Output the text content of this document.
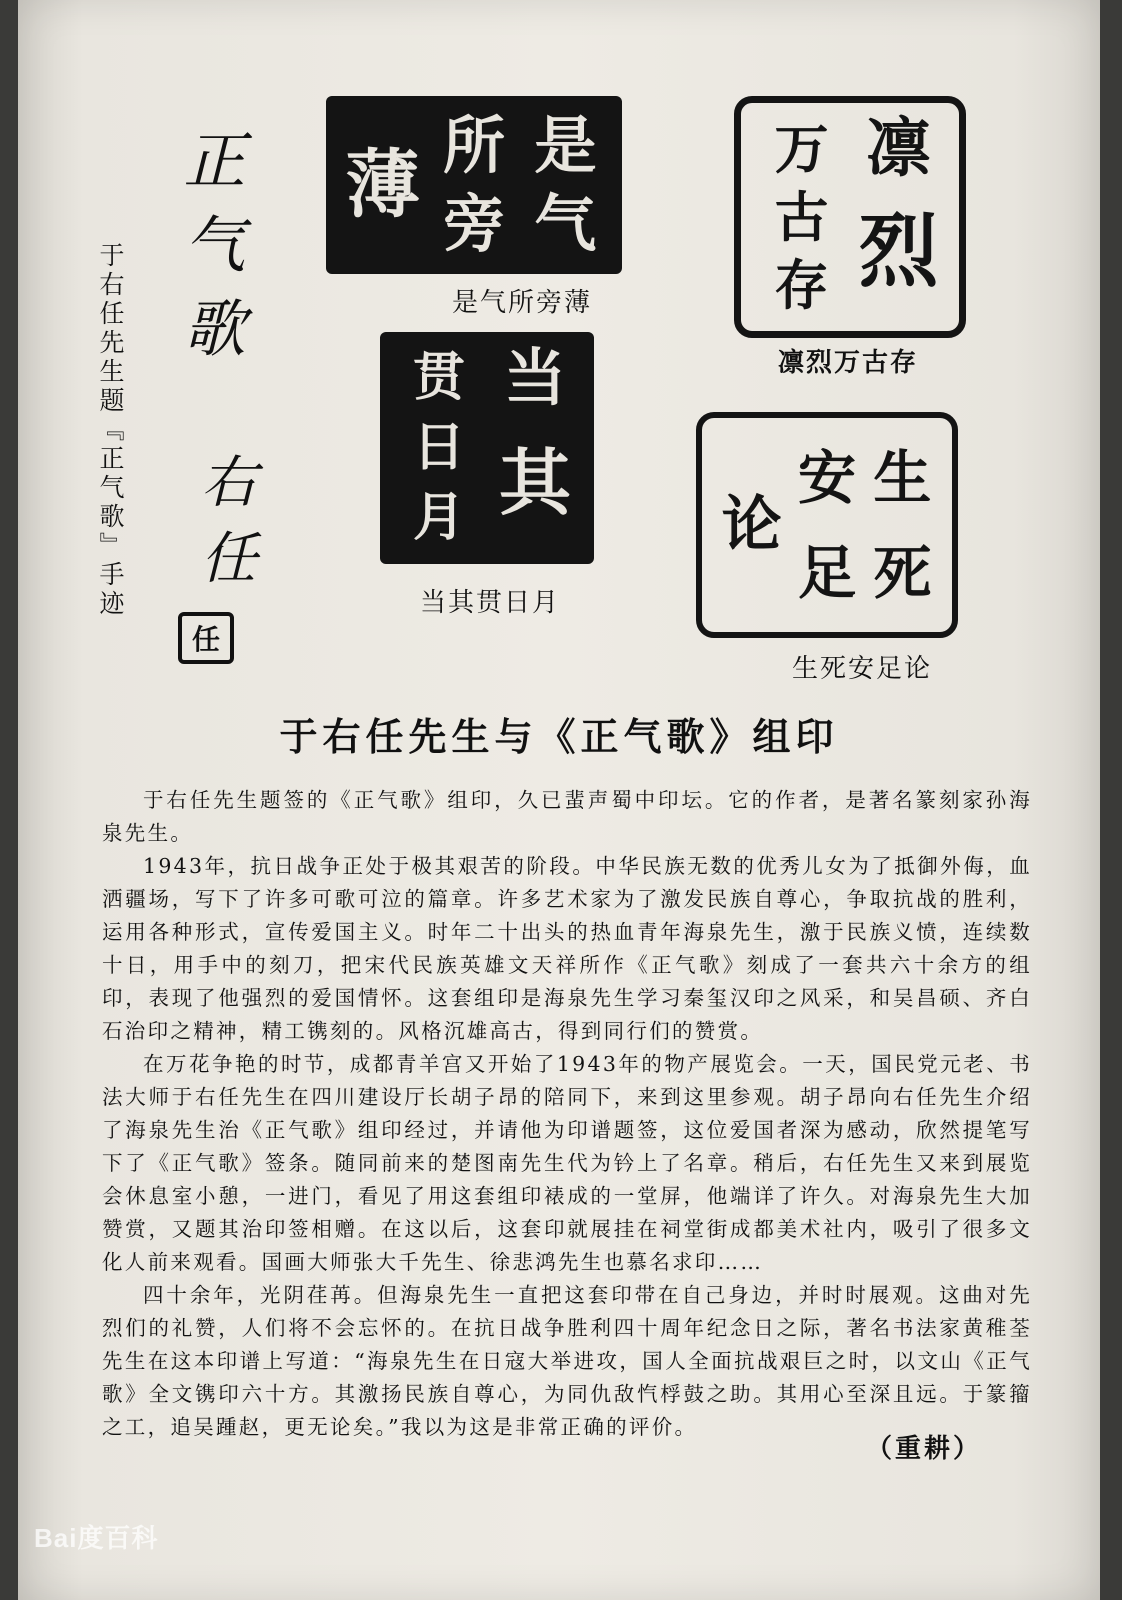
于右任先生题『正气歌』手迹 正气歌
右任
任
薄 所
旁
是
气
是气所旁薄
万
古
存
凛
烈
凛烈万古存
贯
日
月
当
其
当其贯日月
论
安
足
生
死
生死安足论
于右任先生与《正气歌》组印

于右任先生题签的《正气歌》组印，久已蜚声蜀中印坛。它的作者，是著名篆刻家孙海泉先生。

1943年，抗日战争正处于极其艰苦的阶段。中华民族无数的优秀儿女为了抵御外侮，血洒疆场，写下了许多可歌可泣的篇章。许多艺术家为了激发民族自尊心，争取抗战的胜利，运用各种形式，宣传爱国主义。时年二十出头的热血青年海泉先生，激于民族义愤，连续数十日，用手中的刻刀，把宋代民族英雄文天祥所作《正气歌》刻成了一套共六十余方的组印，表现了他强烈的爱国情怀。这套组印是海泉先生学习秦玺汉印之风采，和吴昌硕、齐白石治印之精神，精工镌刻的。风格沉雄高古，得到同行们的赞赏。

在万花争艳的时节，成都青羊宫又开始了1943年的物产展览会。一天，国民党元老、书法大师于右任先生在四川建设厅长胡子昂的陪同下，来到这里参观。胡子昂向右任先生介绍了海泉先生治《正气歌》组印经过，并请他为印谱题签，这位爱国者深为感动，欣然提笔写下了《正气歌》签条。随同前来的楚图南先生代为钤上了名章。稍后，右任先生又来到展览会休息室小憩，一进门，看见了用这套组印裱成的一堂屏，他端详了许久。对海泉先生大加赞赏，又题其治印签相赠。在这以后，这套印就展挂在祠堂街成都美术社内，吸引了很多文化人前来观看。国画大师张大千先生、徐悲鸿先生也慕名求印……

四十余年，光阴荏苒。但海泉先生一直把这套印带在自己身边，并时时展观。这曲对先烈们的礼赞，人们将不会忘怀的。在抗日战争胜利四十周年纪念日之际，著名书法家黄稚荃先生在这本印谱上写道：“海泉先生在日寇大举进攻，国人全面抗战艰巨之时，以文山《正气歌》全文镌印六十方。其激扬民族自尊心，为同仇敌忾桴鼓之助。其用心至深且远。于篆籀之工，追吴踵赵，更无论矣。”我以为这是非常正确的评价。

（重耕）
Bai度百科
